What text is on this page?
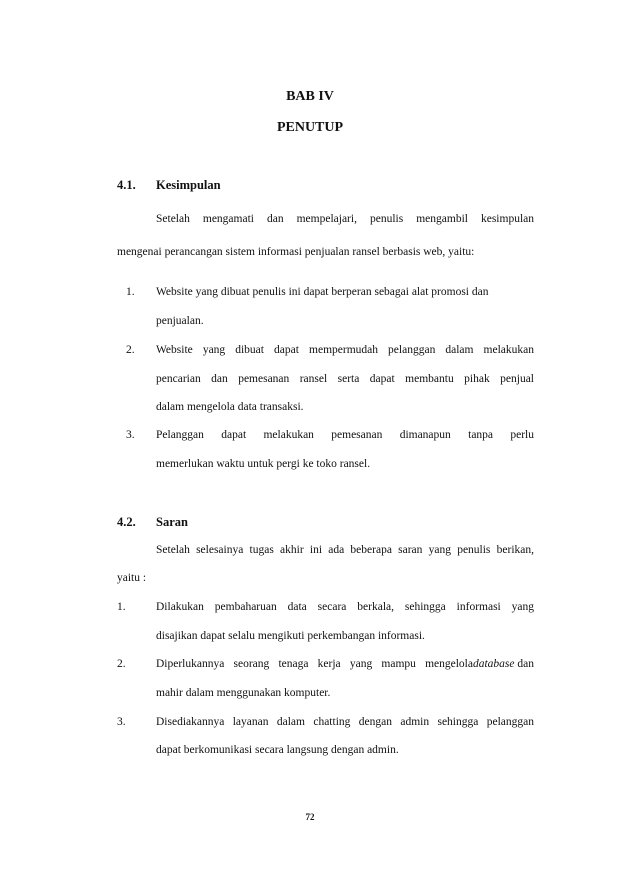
BAB IV
PENUTUP
4.1. Kesimpulan
Setelah mengamati dan mempelajari, penulis mengambil kesimpulan
mengenai perancangan sistem informasi penjualan ransel berbasis web, yaitu:
1. Website yang dibuat penulis ini dapat berperan sebagai alat promosi dan
penjualan.
2. Website yang dibuat dapat mempermudah pelanggan dalam melakukan
pencarian dan pemesanan ransel serta dapat membantu pihak penjual
dalam mengelola data transaksi.
3. Pelanggan dapat melakukan pemesanan dimanapun tanpa perlu
memerlukan waktu untuk pergi ke toko ransel.
4.2. Saran
Setelah selesainya tugas akhir ini ada beberapa saran yang penulis berikan,
yaitu :
1.	Dilakukan pembaharuan data secara berkala, sehingga informasi yang
disajikan dapat selalu mengikuti perkembangan informasi.
2.	Diperlukannya seorang tenaga kerja yang mampu mengelola database dan
mahir dalam menggunakan komputer.
3.	Disediakannya layanan dalam chatting dengan admin sehingga pelanggan
dapat berkomunikasi secara langsung dengan admin.
72
